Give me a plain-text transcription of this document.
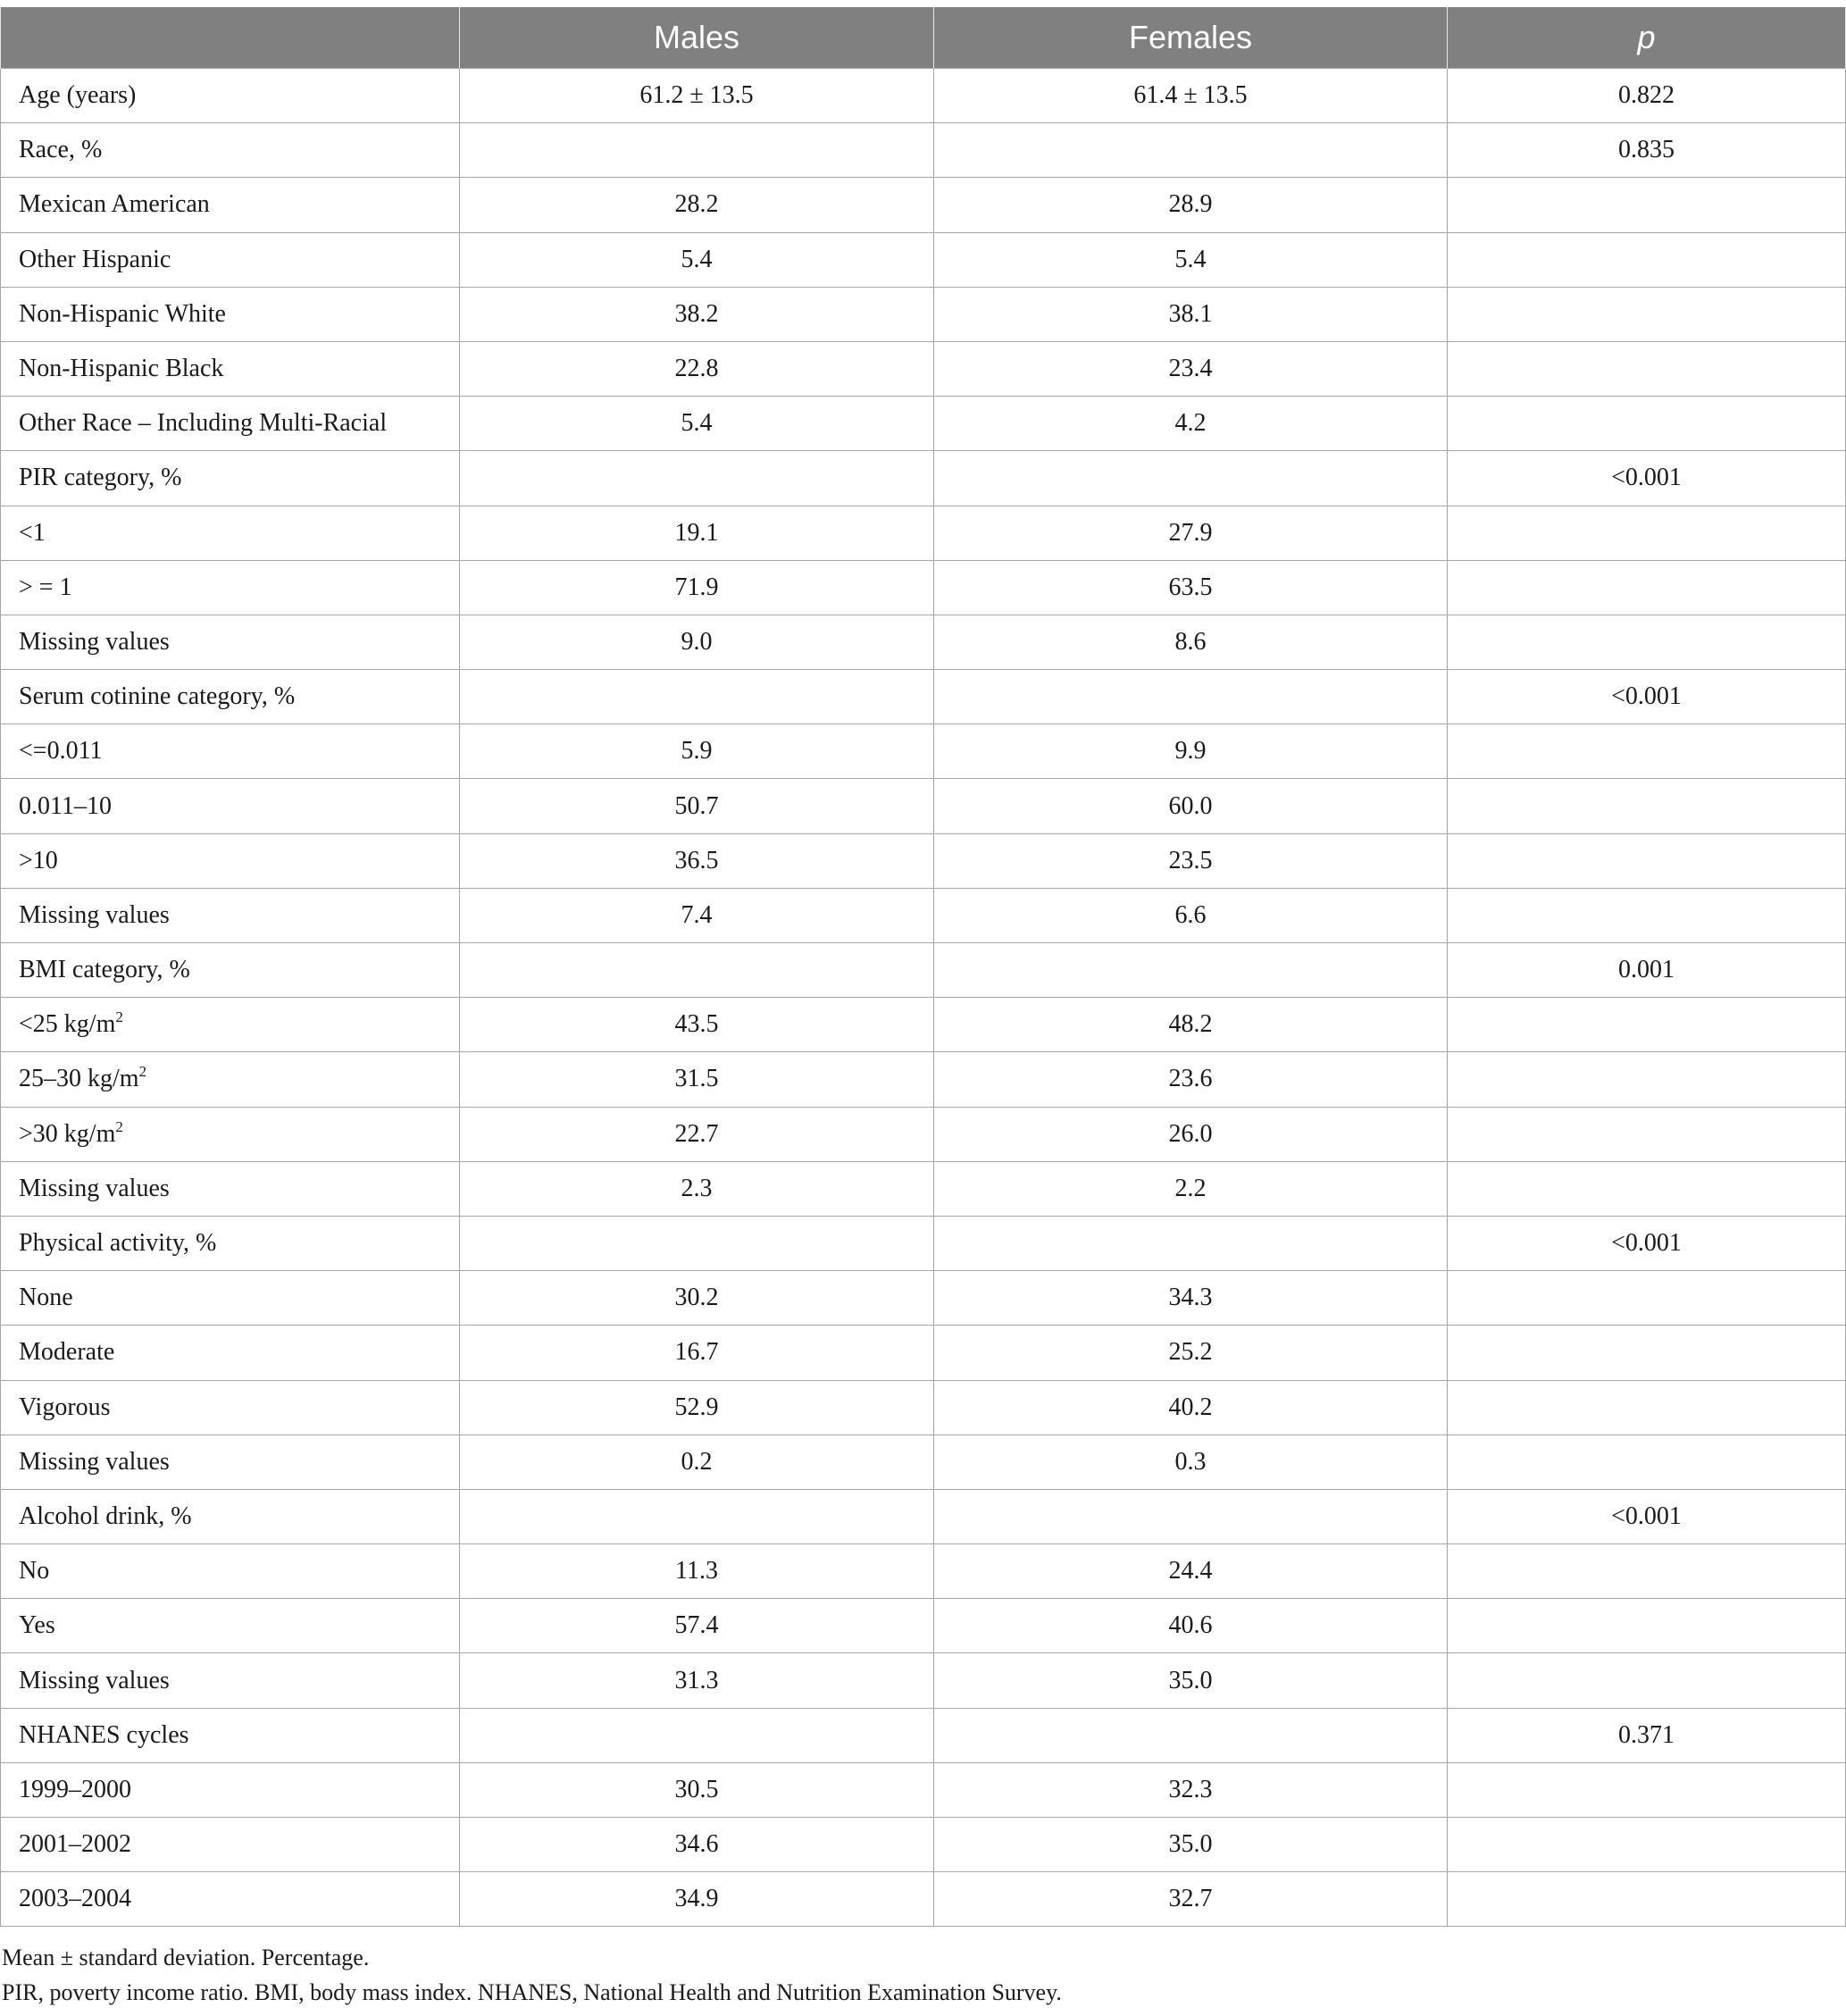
	Males	Females	p
Age (years)	61.2 ± 13.5	61.4 ± 13.5	0.822
Race, %			0.835
Mexican American	28.2	28.9	
Other Hispanic	5.4	5.4	
Non-Hispanic White	38.2	38.1	
Non-Hispanic Black	22.8	23.4	
Other Race – Including Multi-Racial	5.4	4.2	
PIR category, %			<0.001
<1	19.1	27.9	
> = 1	71.9	63.5	
Missing values	9.0	8.6	
Serum cotinine category, %			<0.001
<=0.011	5.9	9.9	
0.011–10	50.7	60.0	
>10	36.5	23.5	
Missing values	7.4	6.6	
BMI category, %			0.001
<25 $kg/m^2$	43.5	48.2	
25–30 $kg/m^2$	31.5	23.6	
>30 $kg/m^2$	22.7	26.0	
Missing values	2.3	2.2	
Physical activity, %			<0.001
None	30.2	34.3	
Moderate	16.7	25.2	
Vigorous	52.9	40.2	
Missing values	0.2	0.3	
Alcohol drink, %			<0.001
No	11.3	24.4	
Yes	57.4	40.6	
Missing values	31.3	35.0	
NHANES cycles			0.371
1999–2000	30.5	32.3	
2001–2002	34.6	35.0	
2003–2004	34.9	32.7	
Mean ± standard deviation. Percentage.
PIR, poverty income ratio. BMI, body mass index. NHANES, National Health and Nutrition Examination Survey.
